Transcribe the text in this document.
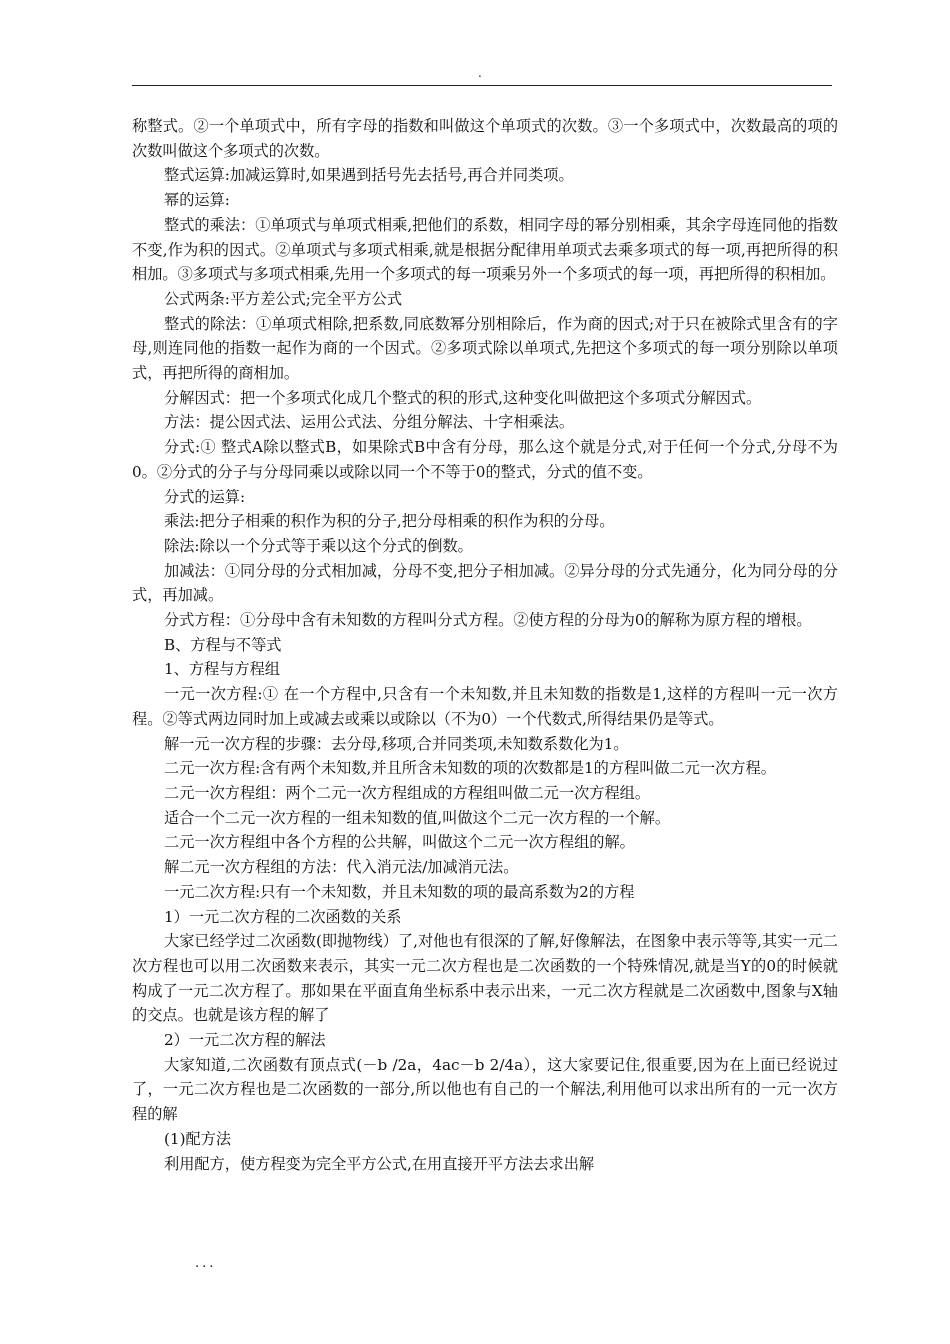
.

称整式。②一个单项式中，所有字母的指数和叫做这个单项式的次数。③一个多项式中，次数最高的项的次数叫做这个多项式的次数。

整式运算:加减运算时,如果遇到括号先去括号,再合并同类项。

幂的运算:

整式的乘法：①单项式与单项式相乘,把他们的系数，相同字母的幂分别相乘，其余字母连同他的指数不变,作为积的因式。②单项式与多项式相乘,就是根据分配律用单项式去乘多项式的每一项,再把所得的积相加。③多项式与多项式相乘,先用一个多项式的每一项乘另外一个多项式的每一项，再把所得的积相加。

公式两条:平方差公式;完全平方公式

整式的除法：①单项式相除,把系数,同底数幂分别相除后，作为商的因式;对于只在被除式里含有的字母,则连同他的指数一起作为商的一个因式。②多项式除以单项式,先把这个多项式的每一项分别除以单项式，再把所得的商相加。

分解因式：把一个多项式化成几个整式的积的形式,这种变化叫做把这个多项式分解因式。

方法：提公因式法、运用公式法、分组分解法、十字相乘法。

分式:① 整式A除以整式B，如果除式B中含有分母，那么这个就是分式,对于任何一个分式,分母不为0。②分式的分子与分母同乘以或除以同一个不等于0的整式，分式的值不变。

分式的运算:

乘法:把分子相乘的积作为积的分子,把分母相乘的积作为积的分母。

除法:除以一个分式等于乘以这个分式的倒数。

加减法：①同分母的分式相加减，分母不变,把分子相加减。②异分母的分式先通分，化为同分母的分式，再加减。

分式方程：①分母中含有未知数的方程叫分式方程。②使方程的分母为0的解称为原方程的增根。

B、方程与不等式

1、方程与方程组

一元一次方程:① 在一个方程中,只含有一个未知数,并且未知数的指数是1,这样的方程叫一元一次方程。②等式两边同时加上或减去或乘以或除以（不为0）一个代数式,所得结果仍是等式。

解一元一次方程的步骤：去分母,移项,合并同类项,未知数系数化为1。

二元一次方程:含有两个未知数,并且所含未知数的项的次数都是1的方程叫做二元一次方程。

二元一次方程组：两个二元一次方程组成的方程组叫做二元一次方程组。

适合一个二元一次方程的一组未知数的值,叫做这个二元一次方程的一个解。

二元一次方程组中各个方程的公共解，叫做这个二元一次方程组的解。

解二元一次方程组的方法：代入消元法/加减消元法。

一元二次方程:只有一个未知数，并且未知数的项的最高系数为2的方程

1）一元二次方程的二次函数的关系

大家已经学过二次函数(即抛物线）了,对他也有很深的了解,好像解法，在图象中表示等等,其实一元二次方程也可以用二次函数来表示，其实一元二次方程也是二次函数的一个特殊情况,就是当Y的0的时候就构成了一元二次方程了。那如果在平面直角坐标系中表示出来，一元二次方程就是二次函数中,图象与X轴的交点。也就是该方程的解了

2）一元二次方程的解法

大家知道,二次函数有顶点式(－b /2a，4ac－b 2/4a），这大家要记住,很重要,因为在上面已经说过了，一元二次方程也是二次函数的一部分,所以他也有自己的一个解法,利用他可以求出所有的一元一次方程的解

(1)配方法

利用配方，使方程变为完全平方公式,在用直接开平方法去求出解

...
